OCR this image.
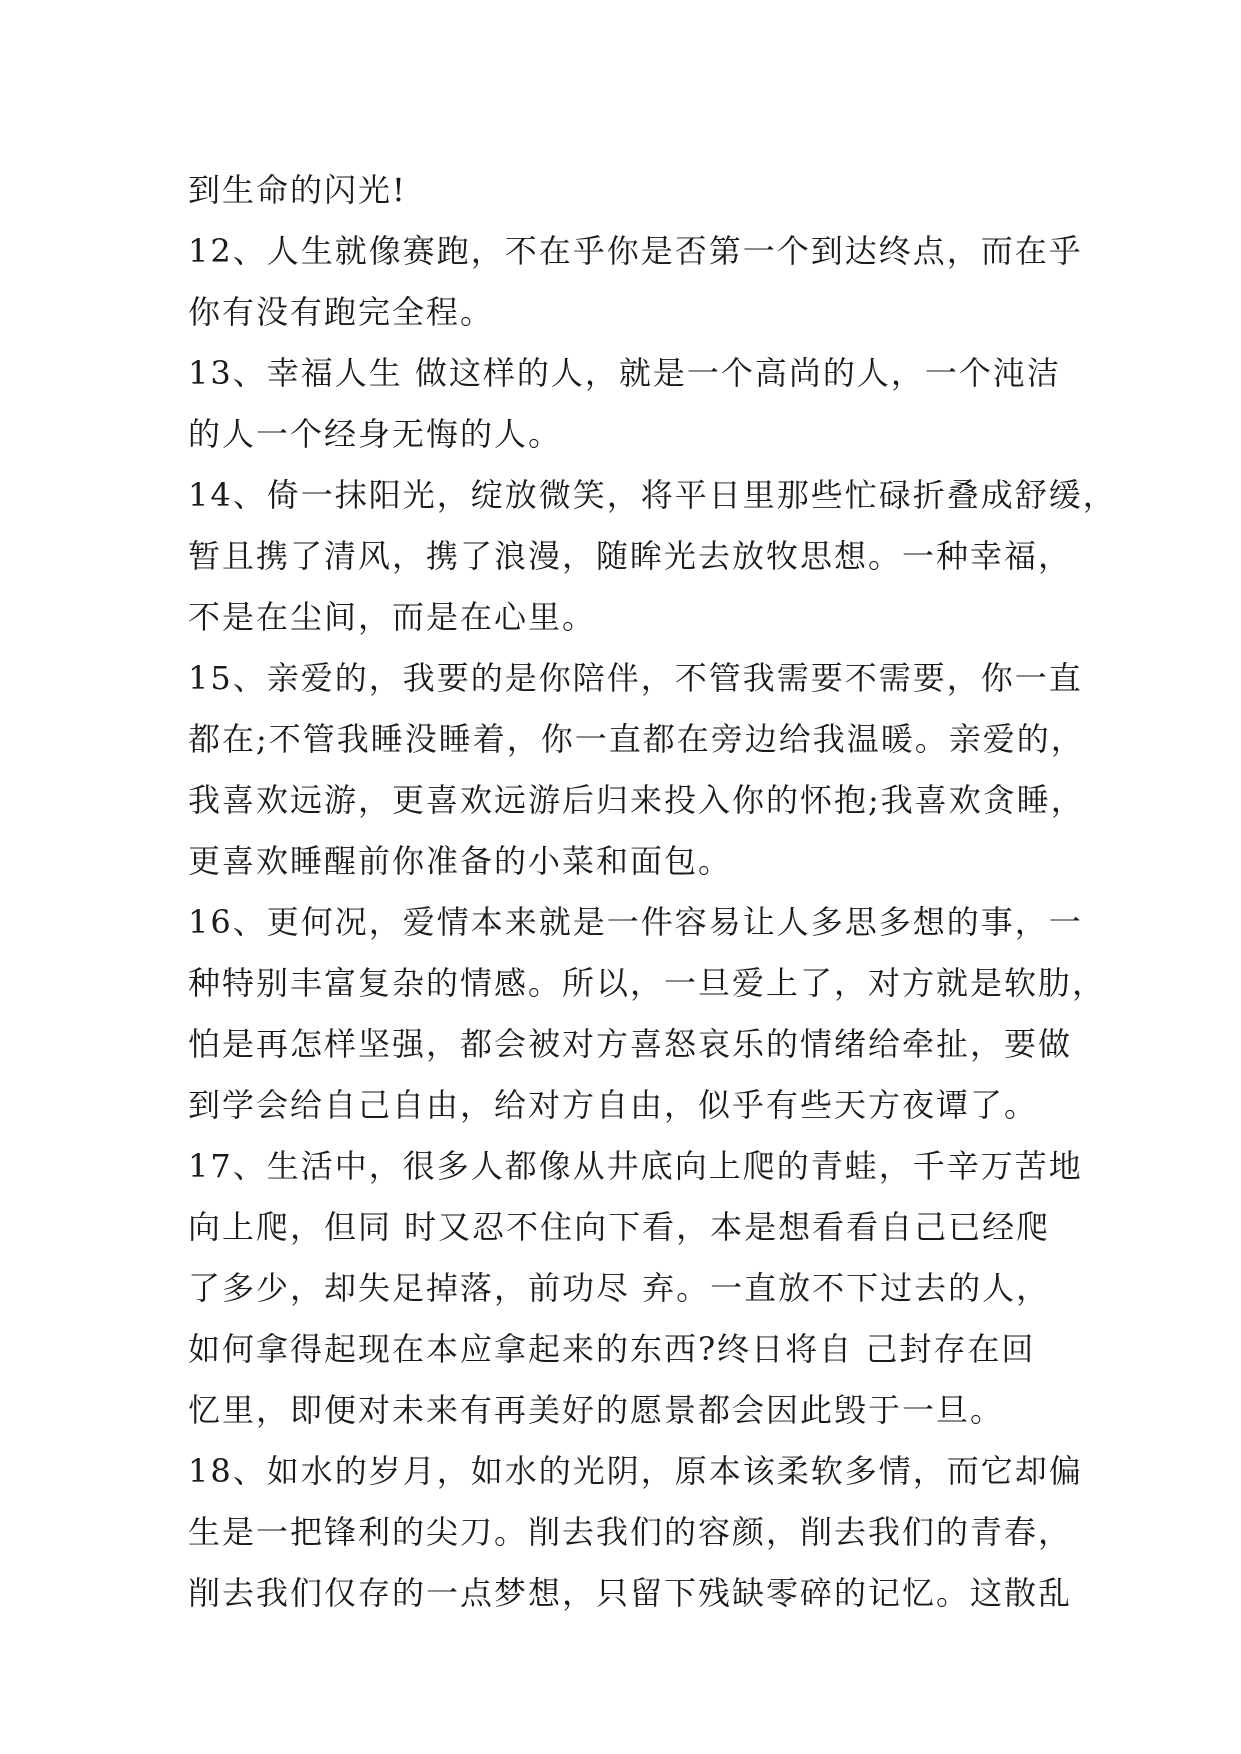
到生命的闪光!
12、人生就像赛跑，不在乎你是否第一个到达终点，而在乎
你有没有跑完全程。
13、幸福人生 做这样的人，就是一个高尚的人，一个沌洁
的人一个经身无悔的人。
14、倚一抹阳光，绽放微笑，将平日里那些忙碌折叠成舒缓，
暂且携了清风，携了浪漫，随眸光去放牧思想。一种幸福，
不是在尘间，而是在心里。
15、亲爱的，我要的是你陪伴，不管我需要不需要，你一直
都在;不管我睡没睡着，你一直都在旁边给我温暖。亲爱的，
我喜欢远游，更喜欢远游后归来投入你的怀抱;我喜欢贪睡，
更喜欢睡醒前你准备的小菜和面包。
16、更何况，爱情本来就是一件容易让人多思多想的事，一
种特别丰富复杂的情感。所以，一旦爱上了，对方就是软肋，
怕是再怎样坚强，都会被对方喜怒哀乐的情绪给牵扯，要做
到学会给自己自由，给对方自由，似乎有些天方夜谭了。
17、生活中，很多人都像从井底向上爬的青蛙，千辛万苦地
向上爬，但同 时又忍不住向下看，本是想看看自己已经爬
了多少，却失足掉落，前功尽 弃。一直放不下过去的人，
如何拿得起现在本应拿起来的东西?终日将自 己封存在回
忆里，即便对未来有再美好的愿景都会因此毁于一旦。
18、如水的岁月，如水的光阴，原本该柔软多情，而它却偏
生是一把锋利的尖刀。削去我们的容颜，削去我们的青春，
削去我们仅存的一点梦想，只留下残缺零碎的记忆。这散乱
